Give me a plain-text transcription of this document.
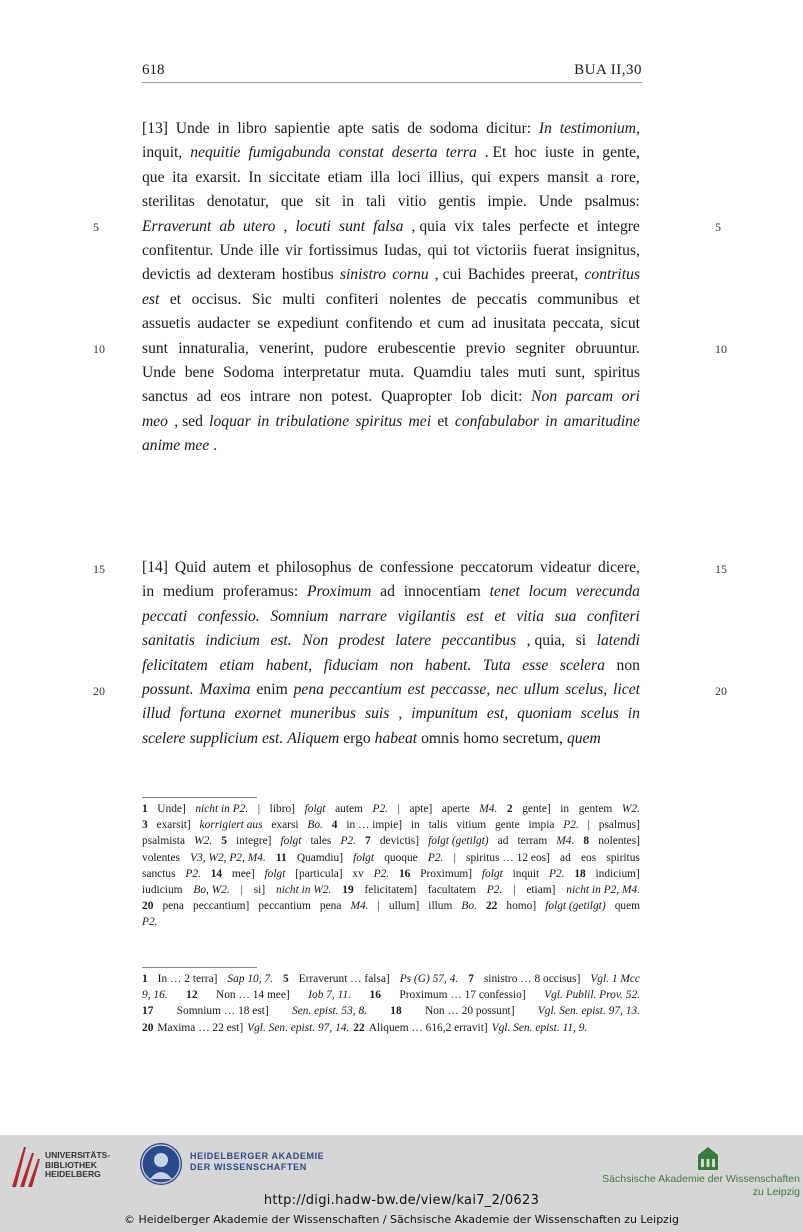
618	BUA II,30
[13] Unde in libro sapientie apte satis de sodoma dicitur: In testimonium,
inquit, nequitie fumigabunda constat deserta terra . Et hoc iuste in gente,
que ita exarsit. In siccitate etiam illa loci illius, qui expers mansit a rore,
sterilitas denotatur, que sit in tali vitio gentis impie. Unde psalmus:
Erraverunt ab utero , locuti sunt falsa , quia vix tales perfecte et integre
confitentur. Unde ille vir fortissimus Iudas, qui tot victoriis fuerat insignitus,
devictis ad dexteram hostibus sinistro cornu , cui Bachides preerat, contritus
est et occisus. Sic multi confiteri nolentes de peccatis communibus et
assuetis audacter se expediunt confitendo et cum ad inusitata peccata, sicut
sunt innaturalia, venerint, pudore erubescentie previo segniter obruuntur.
Unde bene Sodoma interpretatur muta. Quamdiu tales muti sunt, spiritus
sanctus ad eos intrare non potest. Quapropter Iob dicit: Non parcam ori
meo , sed loquar in tribulatione spiritus mei et confabulabor in amaritudine
anime mee .
[14] Quid autem et philosophus de confessione peccatorum videatur dicere,
in medium proferamus: Proximum ad innocentiam tenet locum verecunda
peccati confessio. Somnium narrare vigilantis est et vitia sua confiteri
sanitatis indicium est. Non prodest latere peccantibus , quia, si latendi
felicitatem etiam habent, fiduciam non habent. Tuta esse scelera non
possunt. Maxima enim pena peccantium est peccasse, nec ullum scelus, licet
illud fortuna exornet muneribus suis , impunitum est, quoniam scelus in
scelere supplicium est. Aliquem ergo habeat omnis homo secretum, quem
5	5
10	10
15	15
20	20
1 Unde] nicht in P2. | libro] folgt autem P2. | apte] aperte M4. 2 gente] in gentem W2.
3 exarsit] korrigiert aus exarsi Bo. 4 in … impie] in talis vitium gente impia P2. | psalmus]
psalmista W2. 5 integre] folgt tales P2. 7 devictis] folgt (getilgt) ad terram M4. 8 nolentes]
volentes V3, W2, P2, M4. 11 Quamdiu] folgt quoque P2. | spiritus … 12 eos] ad eos spiritus
sanctus P2. 14 mee] folgt [particula] xv P2. 16 Proximum] folgt inquit P2. 18 indicium]
iudicium Bo, W2. | si] nicht in W2. 19 felicitatem] facultatem P2. | etiam] nicht in P2, M4.
20 pena peccantium] peccantium pena M4. | ullum] illum Bo. 22 homo] folgt (getilgt) quem
P2.
1 In … 2 terra] Sap 10, 7. 5 Erraverunt … falsa] Ps (G) 57, 4. 7 sinistro … 8 occisus] Vgl. 1 Mcc
9, 16. 12 Non … 14 mee] Iob 7, 11. 16 Proximum … 17 confessio] Vgl. Publil. Prov. 52.
17 Somnium … 18 est] Sen. epist. 53, 8. 18 Non … 20 possunt] Vgl. Sen. epist. 97, 13.
20 Maxima … 22 est] Vgl. Sen. epist. 97, 14. 22 Aliquem … 616,2 erravit] Vgl. Sen. epist. 11, 9.
UNIVERSITÄTS-
BIBLIOTHEK
HEIDELBERG
HEIDELBERGER AKADEMIE
DER WISSENSCHAFTEN
Sächsische Akademie der Wissenschaften
zu Leipzig
http://digi.hadw-bw.de/view/kai7_2/0623
© Heidelberger Akademie der Wissenschaften / Sächsische Akademie der Wissenschaften zu Leipzig
